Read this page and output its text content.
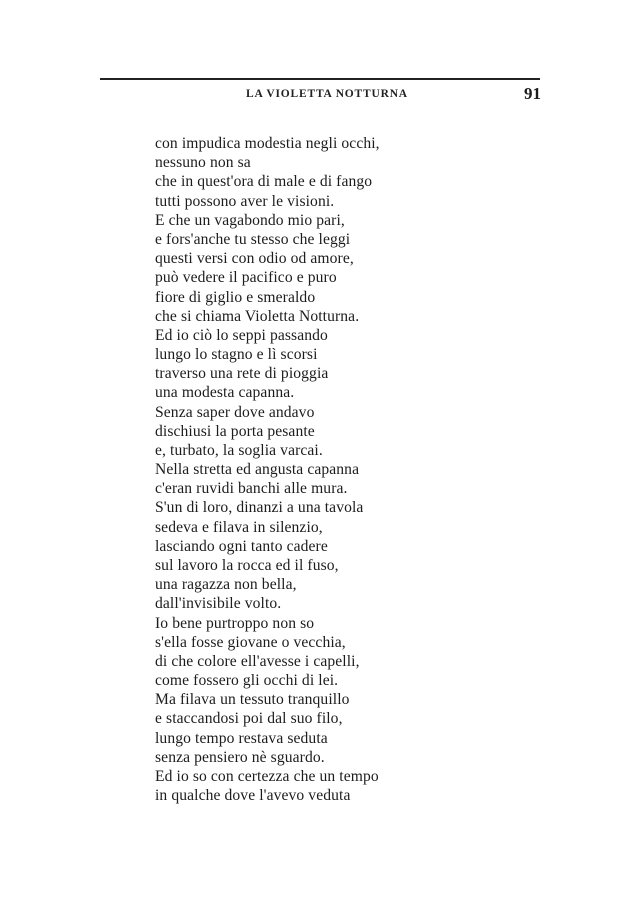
LA VIOLETTA NOTTURNA	91
con impudica modestia negli occhi,
nessuno non sa
che in quest'ora di male e di fango
tutti possono aver le visioni.
E che un vagabondo mio pari,
e fors'anche tu stesso che leggi
questi versi con odio od amore,
può vedere il pacifico e puro
fiore di giglio e smeraldo
che si chiama Violetta Notturna.
Ed io ciò lo seppi passando
lungo lo stagno e lì scorsi
traverso una rete di pioggia
una modesta capanna.
Senza saper dove andavo
dischiusi la porta pesante
e, turbato, la soglia varcai.
Nella stretta ed angusta capanna
c'eran ruvidi banchi alle mura.
S'un di loro, dinanzi a una tavola
sedeva e filava in silenzio,
lasciando ogni tanto cadere
sul lavoro la rocca ed il fuso,
una ragazza non bella,
dall'invisibile volto.
Io bene purtroppo non so
s'ella fosse giovane o vecchia,
di che colore ell'avesse i capelli,
come fossero gli occhi di lei.
Ma filava un tessuto tranquillo
e staccandosi poi dal suo filo,
lungo tempo restava seduta
senza pensiero nè sguardo.
Ed io so con certezza che un tempo
in qualche dove l'avevo veduta
